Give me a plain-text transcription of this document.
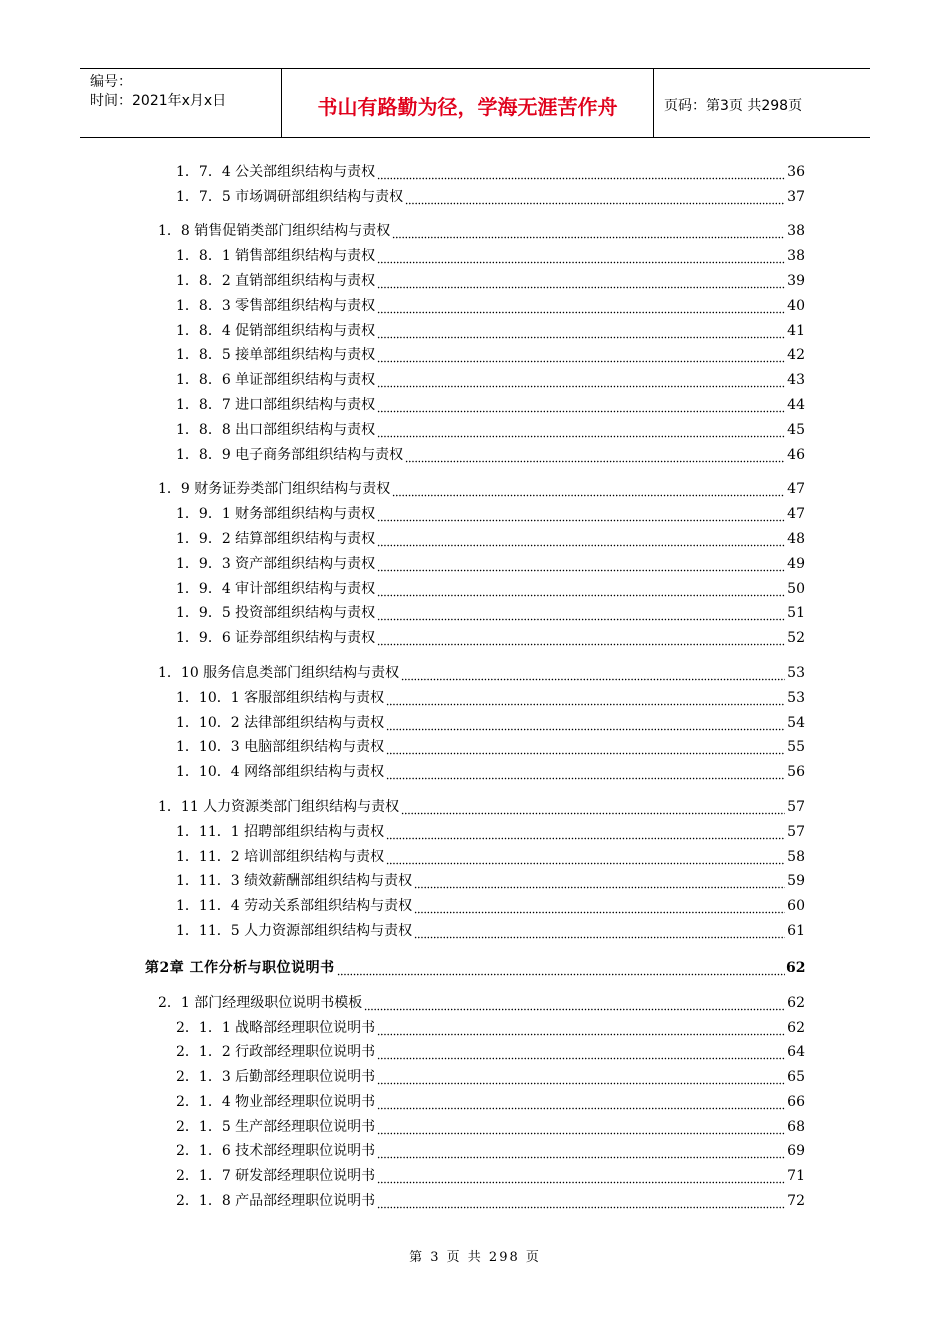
编号：
时间：2021年x月x日	书山有路勤为径，学海无涯苦作舟	页码：第3页 共298页
1．7．4 公关部组织结构与责权	36
1．7．5 市场调研部组织结构与责权	37
1．8 销售促销类部门组织结构与责权	38
1．8．1 销售部组织结构与责权	38
1．8．2 直销部组织结构与责权	39
1．8．3 零售部组织结构与责权	40
1．8．4 促销部组织结构与责权	41
1．8．5 接单部组织结构与责权	42
1．8．6 单证部组织结构与责权	43
1．8．7 进口部组织结构与责权	44
1．8．8 出口部组织结构与责权	45
1．8．9 电子商务部组织结构与责权	46
1．9 财务证券类部门组织结构与责权	47
1．9．1 财务部组织结构与责权	47
1．9．2 结算部组织结构与责权	48
1．9．3 资产部组织结构与责权	49
1．9．4 审计部组织结构与责权	50
1．9．5 投资部组织结构与责权	51
1．9．6 证券部组织结构与责权	52
1．10 服务信息类部门组织结构与责权	53
1．10．1 客服部组织结构与责权	53
1．10．2 法律部组织结构与责权	54
1．10．3 电脑部组织结构与责权	55
1．10．4 网络部组织结构与责权	56
1．11 人力资源类部门组织结构与责权	57
1．11．1 招聘部组织结构与责权	57
1．11．2 培训部组织结构与责权	58
1．11．3 绩效薪酬部组织结构与责权	59
1．11．4 劳动关系部组织结构与责权	60
1．11．5 人力资源部组织结构与责权	61
第2章 工作分析与职位说明书	62
2．1 部门经理级职位说明书模板	62
2．1．1 战略部经理职位说明书	62
2．1．2 行政部经理职位说明书	64
2．1．3 后勤部经理职位说明书	65
2．1．4 物业部经理职位说明书	66
2．1．5 生产部经理职位说明书	68
2．1．6 技术部经理职位说明书	69
2．1．7 研发部经理职位说明书	71
2．1．8 产品部经理职位说明书	72
第 3 页 共 298 页
